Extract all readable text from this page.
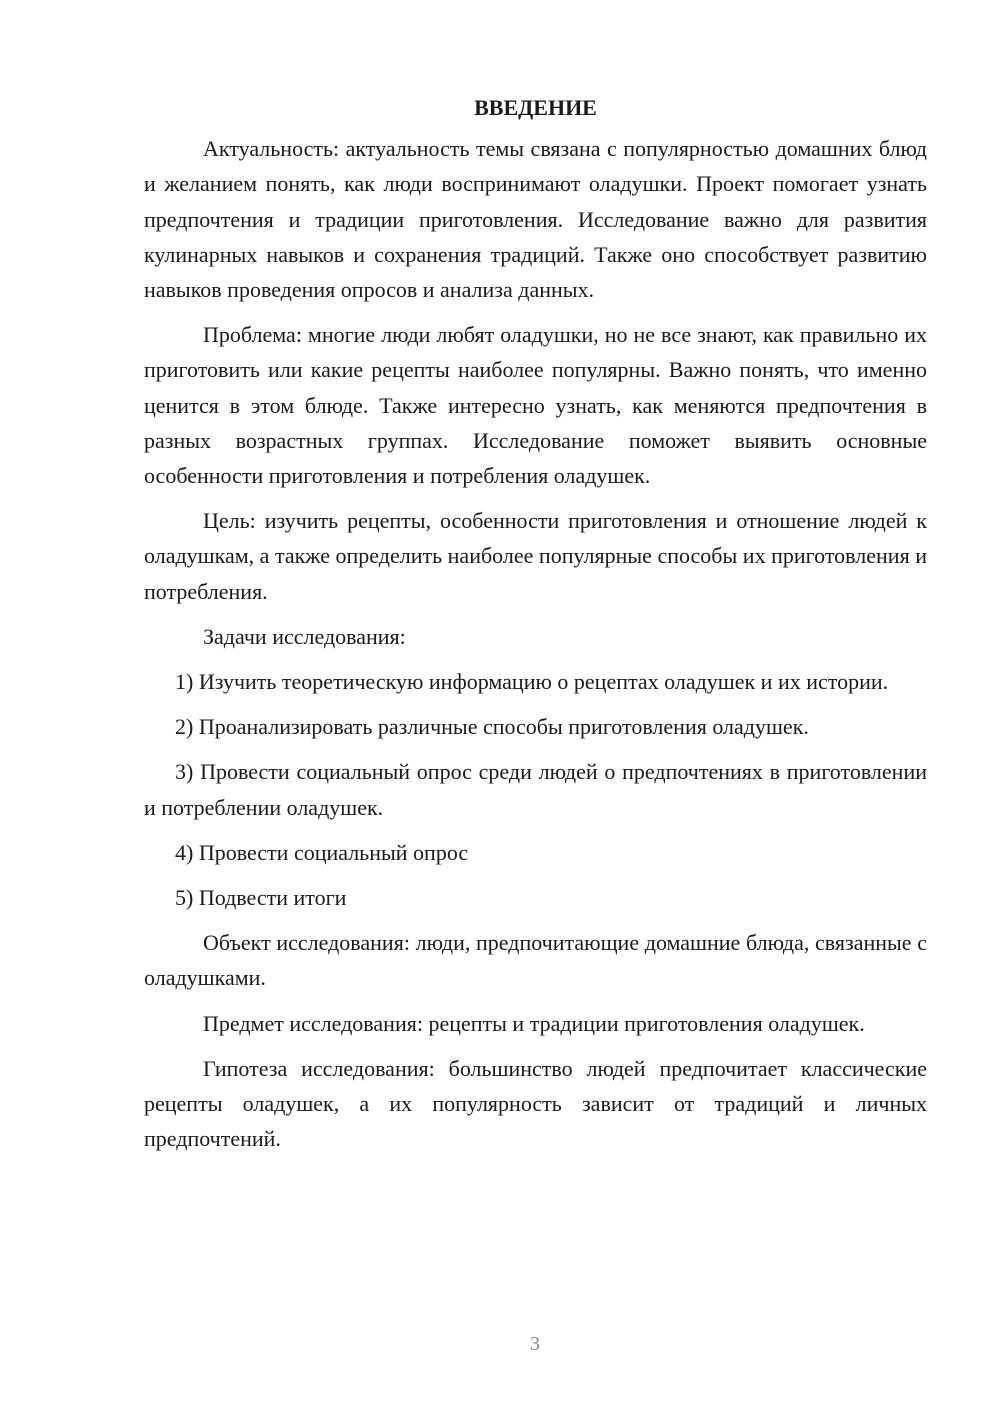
ВВЕДЕНИЕ

Актуальность: актуальность темы связана с популярностью домашних блюд и желанием понять, как люди воспринимают оладушки. Проект помогает узнать предпочтения и традиции приготовления. Исследование важно для развития кулинарных навыков и сохранения традиций. Также оно способствует развитию навыков проведения опросов и анализа данных.

Проблема: многие люди любят оладушки, но не все знают, как правильно их приготовить или какие рецепты наиболее популярны. Важно понять, что именно ценится в этом блюде. Также интересно узнать, как меняются предпочтения в разных возрастных группах. Исследование поможет выявить основные особенности приготовления и потребления оладушек.

Цель: изучить рецепты, особенности приготовления и отношение людей к оладушкам, а также определить наиболее популярные способы их приготовления и потребления.

Задачи исследования:

1) Изучить теоретическую информацию о рецептах оладушек и их истории.

2) Проанализировать различные способы приготовления оладушек.

3) Провести социальный опрос среди людей о предпочтениях в приготовлении и потреблении оладушек.

4) Провести социальный опрос

5) Подвести итоги

Объект исследования: люди, предпочитающие домашние блюда, связанные с оладушками.

Предмет исследования: рецепты и традиции приготовления оладушек.

Гипотеза исследования: большинство людей предпочитает классические рецепты оладушек, а их популярность зависит от традиций и личных предпочтений.

3
